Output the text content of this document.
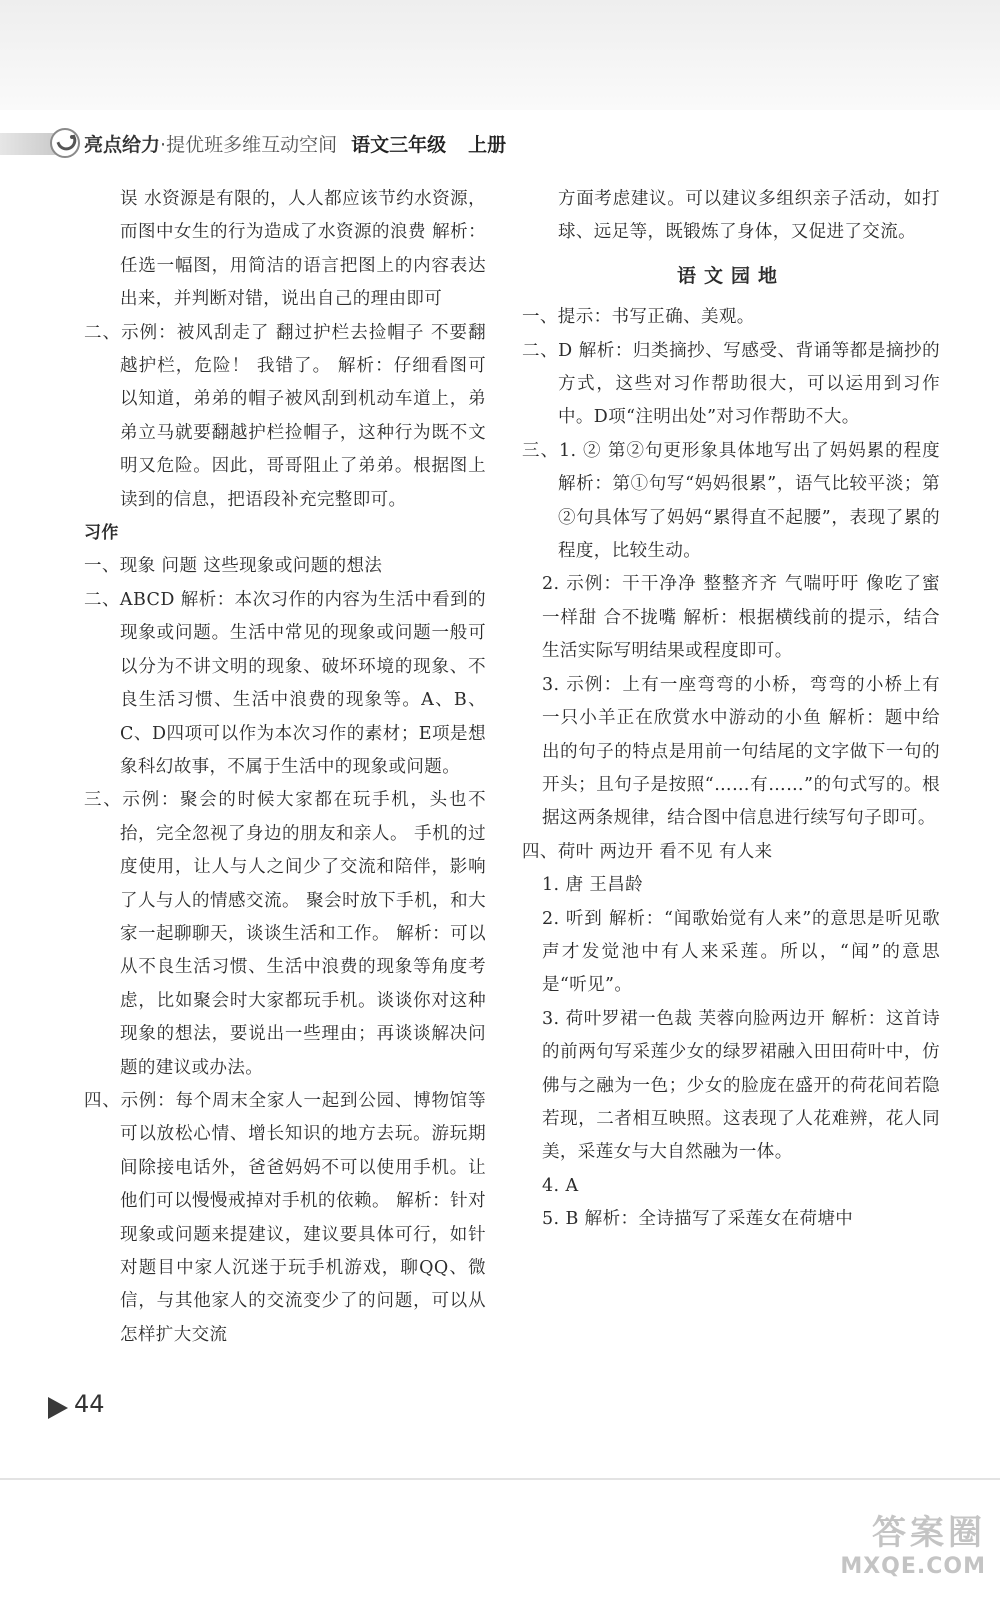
亮点给力·提优班多维互动空间 语文三年级 上册
误 水资源是有限的，人人都应该节约水资源，而图中女生的行为造成了水资源的浪费 解析：任选一幅图，用简洁的语言把图上的内容表达出来，并判断对错，说出自己的理由即可
二、示例：被风刮走了 翻过护栏去捡帽子 不要翻越护栏，危险！ 我错了。 解析：仔细看图可以知道，弟弟的帽子被风刮到机动车道上，弟弟立马就要翻越护栏捡帽子，这种行为既不文明又危险。因此，哥哥阻止了弟弟。根据图上读到的信息，把语段补充完整即可。
习作
一、现象 问题 这些现象或问题的想法
二、ABCD 解析：本次习作的内容为生活中看到的现象或问题。生活中常见的现象或问题一般可以分为不讲文明的现象、破坏环境的现象、不良生活习惯、生活中浪费的现象等。A、B、C、D四项可以作为本次习作的素材；E项是想象科幻故事，不属于生活中的现象或问题。
三、示例：聚会的时候大家都在玩手机，头也不抬，完全忽视了身边的朋友和亲人。 手机的过度使用，让人与人之间少了交流和陪伴，影响了人与人的情感交流。 聚会时放下手机，和大家一起聊聊天，谈谈生活和工作。 解析：可以从不良生活习惯、生活中浪费的现象等角度考虑，比如聚会时大家都玩手机。谈谈你对这种现象的想法，要说出一些理由；再谈谈解决问题的建议或办法。
四、示例：每个周末全家人一起到公园、博物馆等可以放松心情、增长知识的地方去玩。游玩期间除接电话外，爸爸妈妈不可以使用手机。让他们可以慢慢戒掉对手机的依赖。 解析：针对现象或问题来提建议，建议要具体可行，如针对题目中家人沉迷于玩手机游戏，聊QQ、微信，与其他家人的交流变少了的问题，可以从怎样扩大交流
方面考虑建议。可以建议多组织亲子活动，如打球、远足等，既锻炼了身体，又促进了交流。
语文园地
一、提示：书写正确、美观。
二、D 解析：归类摘抄、写感受、背诵等都是摘抄的方式，这些对习作帮助很大，可以运用到习作中。D项“注明出处”对习作帮助不大。
三、1. ② 第②句更形象具体地写出了妈妈累的程度 解析：第①句写“妈妈很累”，语气比较平淡；第②句具体写了妈妈“累得直不起腰”，表现了累的程度，比较生动。
2. 示例：干干净净 整整齐齐 气喘吁吁 像吃了蜜一样甜 合不拢嘴 解析：根据横线前的提示，结合生活实际写明结果或程度即可。
3. 示例：上有一座弯弯的小桥，弯弯的小桥上有一只小羊正在欣赏水中游动的小鱼 解析：题中给出的句子的特点是用前一句结尾的文字做下一句的开头；且句子是按照“……有……”的句式写的。根据这两条规律，结合图中信息进行续写句子即可。
四、荷叶 两边开 看不见 有人来
1. 唐 王昌龄
2. 听到 解析：“闻歌始觉有人来”的意思是听见歌声才发觉池中有人来采莲。所以，“闻”的意思是“听见”。
3. 荷叶罗裙一色裁 芙蓉向脸两边开 解析：这首诗的前两句写采莲少女的绿罗裙融入田田荷叶中，仿佛与之融为一色；少女的脸庞在盛开的荷花间若隐若现，二者相互映照。这表现了人花难辨，花人同美，采莲女与大自然融为一体。
4. A
5. B 解析：全诗描写了采莲女在荷塘中
44
答案圈
MXQE.COM
